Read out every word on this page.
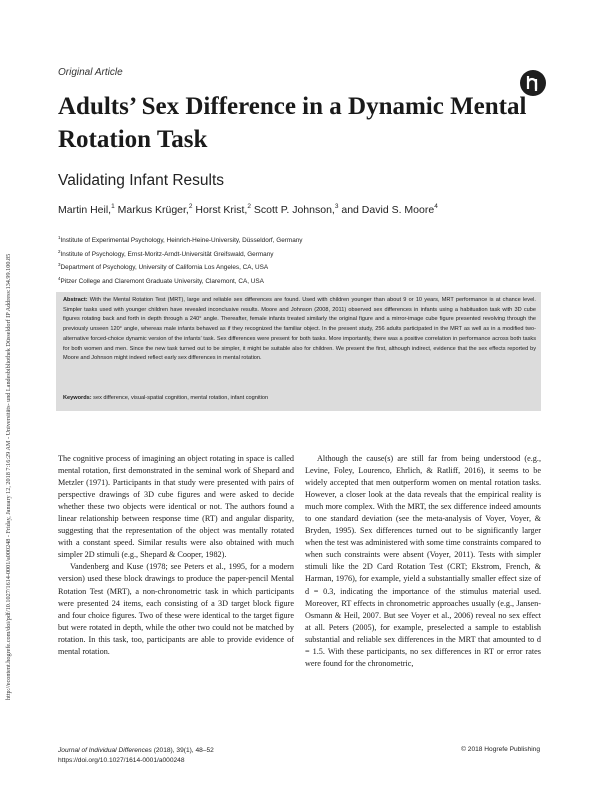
http://econtent.hogrefe.com/doi/pdf/10.1027/1614-0001/a000248 - Friday, January 12, 2018 7:16:29 AM - Universitäts- und Landesbibliothek Düsseldorf IP Address:134.99.100.85
Original Article
Adults’ Sex Difference in a Dynamic Mental Rotation Task
Validating Infant Results
Martin Heil,$^1$ Markus Krüger,$^2$ Horst Krist,$^2$ Scott P. Johnson,$^3$ and David S. Moore$^4$
$^1$Institute of Experimental Psychology, Heinrich-Heine-University, Düsseldorf, Germany
$^2$Institute of Psychology, Ernst-Moritz-Arndt-Universität Greifswald, Germany
$^3$Department of Psychology, University of California Los Angeles, CA, USA
$^4$Pitzer College and Claremont Graduate University, Claremont, CA, USA
Abstract: With the Mental Rotation Test (MRT), large and reliable sex differences are found. Used with children younger than about 9 or 10 years, MRT performance is at chance level. Simpler tasks used with younger children have revealed inconclusive results. Moore and Johnson (2008, 2011) observed sex differences in infants using a habituation task with 3D cube figures rotating back and forth in depth through a 240° angle. Thereafter, female infants treated similarly the original figure and a mirror-image cube figure presented revolving through the previously unseen 120° angle, whereas male infants behaved as if they recognized the familiar object. In the present study, 256 adults participated in the MRT as well as in a modified two-alternative forced-choice dynamic version of the infants’ task. Sex differences were present for both tasks. More importantly, there was a positive correlation in performance across both tasks for both women and men. Since the new task turned out to be simpler, it might be suitable also for children. We present the first, although indirect, evidence that the sex effects reported by Moore and Johnson might indeed reflect early sex differences in mental rotation.
Keywords: sex difference, visual-spatial cognition, mental rotation, infant cognition

The cognitive process of imagining an object rotating in space is called mental rotation, first demonstrated in the seminal work of Shepard and Metzler (1971). Participants in that study were presented with pairs of perspective drawings of 3D cube figures and were asked to decide whether these two objects were identical or not. The authors found a linear relationship between response time (RT) and angular disparity, suggesting that the representation of the object was mentally rotated with a constant speed. Similar results were also obtained with much simpler 2D stimuli (e.g., Shepard & Cooper, 1982).

Vandenberg and Kuse (1978; see Peters et al., 1995, for a modern version) used these block drawings to produce the paper-pencil Mental Rotation Test (MRT), a non-chronometric task in which participants were presented 24 items, each consisting of a 3D target block figure and four choice figures. Two of these were identical to the target figure but were rotated in depth, while the other two could not be matched by rotation. In this task, too, participants are able to provide evidence of mental rotation.

Although the cause(s) are still far from being understood (e.g., Levine, Foley, Lourenco, Ehrlich, & Ratliff, 2016), it seems to be widely accepted that men outperform women on mental rotation tasks. However, a closer look at the data reveals that the empirical reality is much more complex. With the MRT, the sex difference indeed amounts to one standard deviation (see the meta-analysis of Voyer, Voyer, & Bryden, 1995). Sex differences turned out to be significantly larger when the test was administered with some time constraints compared to when such constraints were absent (Voyer, 2011). Tests with simpler stimuli like the 2D Card Rotation Test (CRT; Ekstrom, French, & Harman, 1976), for example, yield a substantially smaller effect size of d = 0.3, indicating the importance of the stimulus material used. Moreover, RT effects in chronometric approaches usually (e.g., Jansen-Osmann & Heil, 2007. But see Voyer et al., 2006) reveal no sex effect at all. Peters (2005), for example, preselected a sample to establish substantial and reliable sex differences in the MRT that amounted to d = 1.5. With these participants, no sex differences in RT or error rates were found for the chronometric,

Journal of Individual Differences (2018), 39(1), 48–52
https://doi.org/10.1027/1614-0001/a000248
© 2018 Hogrefe Publishing
